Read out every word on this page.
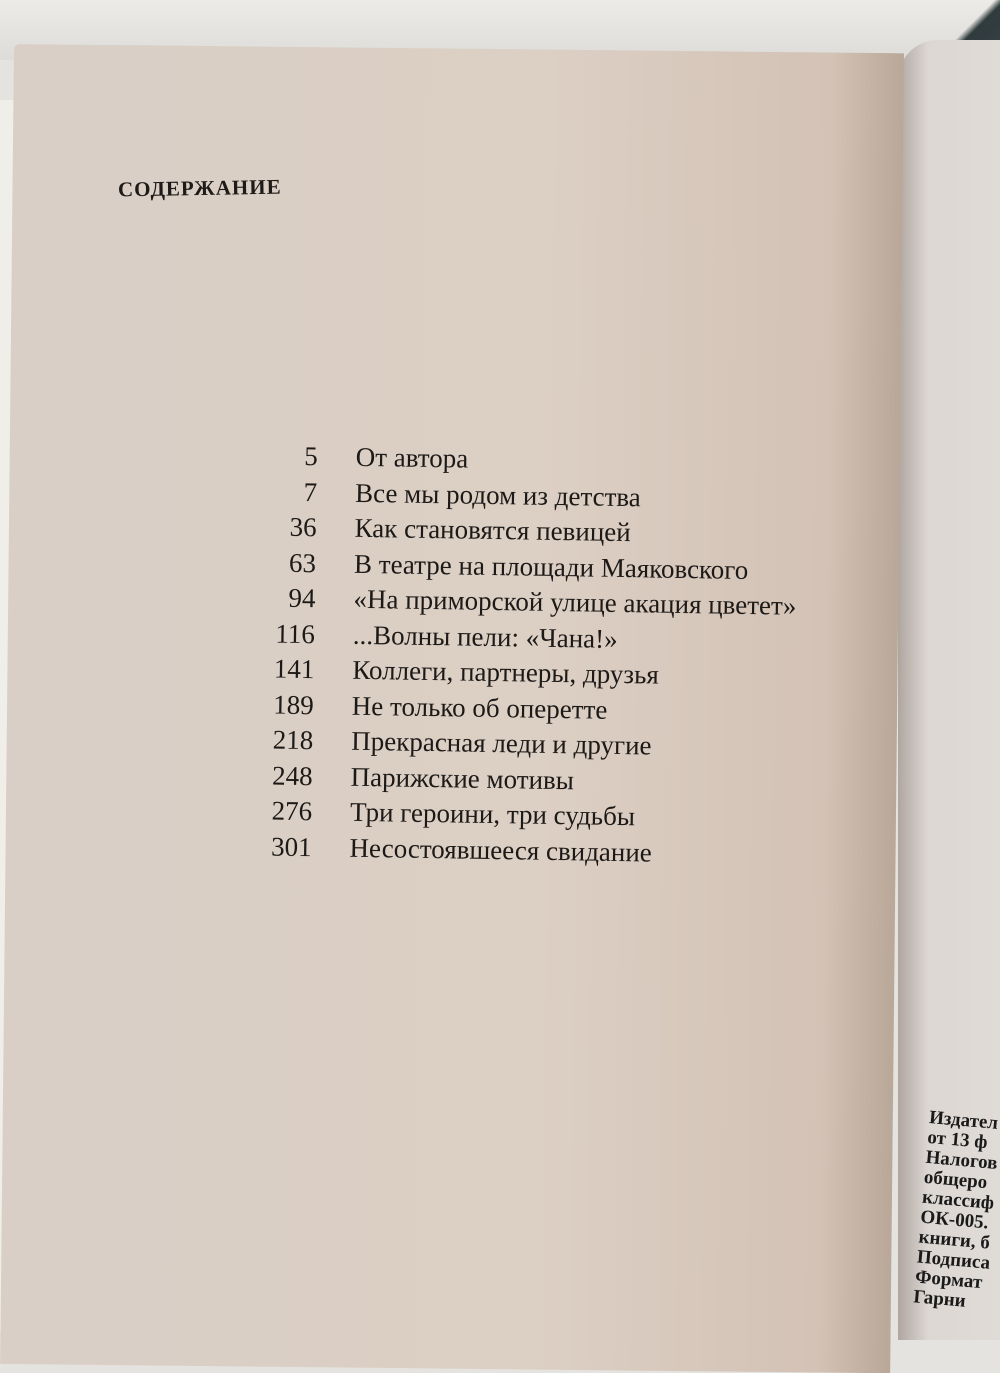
Издател
от 13 ф
Налогов
общеро
классиф
ОК-005.
книги, б
Подписа
Формат
Гарни
СОДЕРЖАНИЕ
5 От автора
7 Все мы родом из детства
36 Как становятся певицей
63 В театре на площади Маяковского
94 «На приморской улице акация цветет»
116 ...Волны пели: «Чана!»
141 Коллеги, партнеры, друзья
189 Не только об оперетте
218 Прекрасная леди и другие
248 Парижские мотивы
276 Три героини, три судьбы
301 Несостоявшееся свидание
